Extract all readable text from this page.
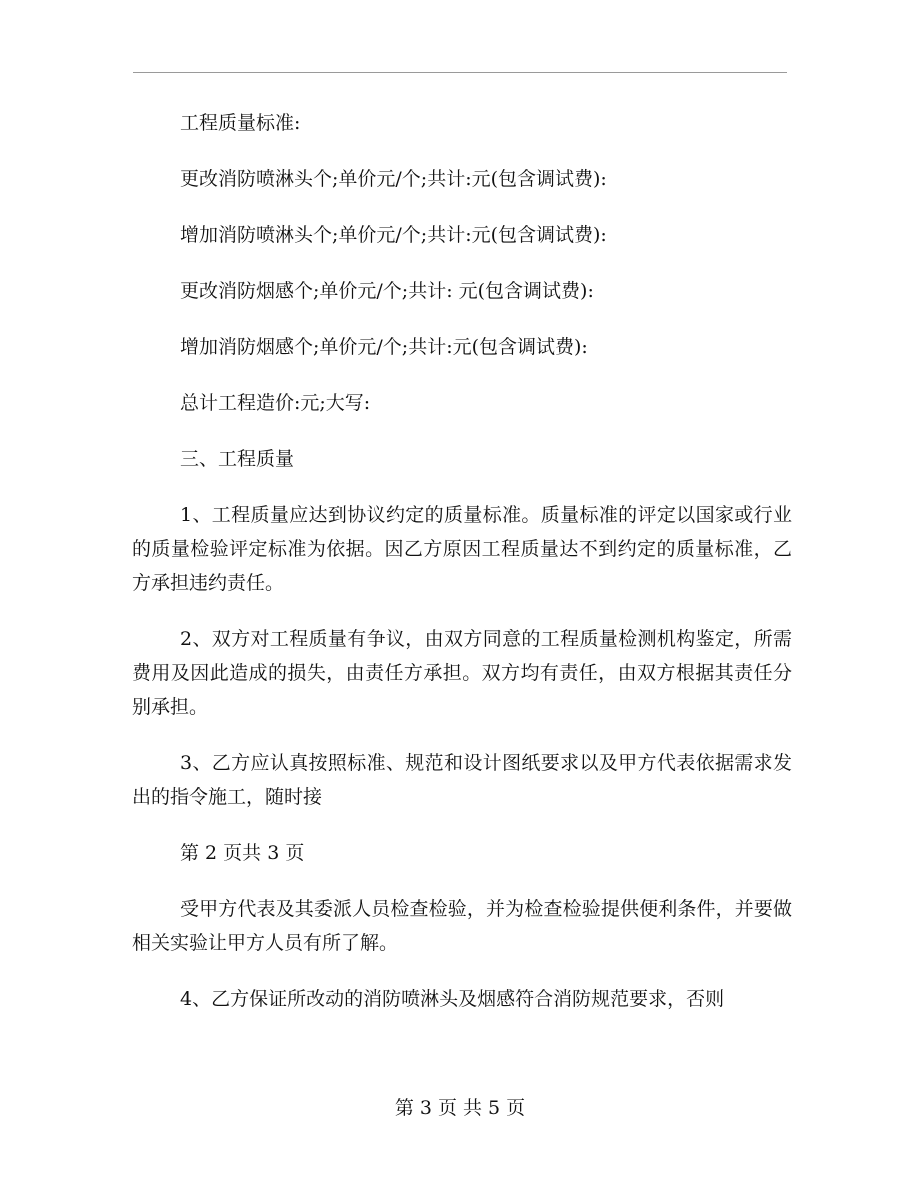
工程质量标准:

更改消防喷淋头个;单价元/个;共计:元(包含调试费):

增加消防喷淋头个;单价元/个;共计:元(包含调试费):

更改消防烟感个;单价元/个;共计: 元(包含调试费):

增加消防烟感个;单价元/个;共计:元(包含调试费):

总计工程造价:元;大写:

三、工程质量

1、工程质量应达到协议约定的质量标准。质量标准的评定以国家或行业的质量检验评定标准为依据。因乙方原因工程质量达不到约定的质量标准，乙方承担违约责任。

2、双方对工程质量有争议，由双方同意的工程质量检测机构鉴定，所需费用及因此造成的损失，由责任方承担。双方均有责任，由双方根据其责任分别承担。

3、乙方应认真按照标准、规范和设计图纸要求以及甲方代表依据需求发出的指令施工，随时接

第 2 页共 3 页

受甲方代表及其委派人员检查检验，并为检查检验提供便利条件，并要做相关实验让甲方人员有所了解。

4、乙方保证所改动的消防喷淋头及烟感符合消防规范要求，否则

第 3 页 共 5 页
